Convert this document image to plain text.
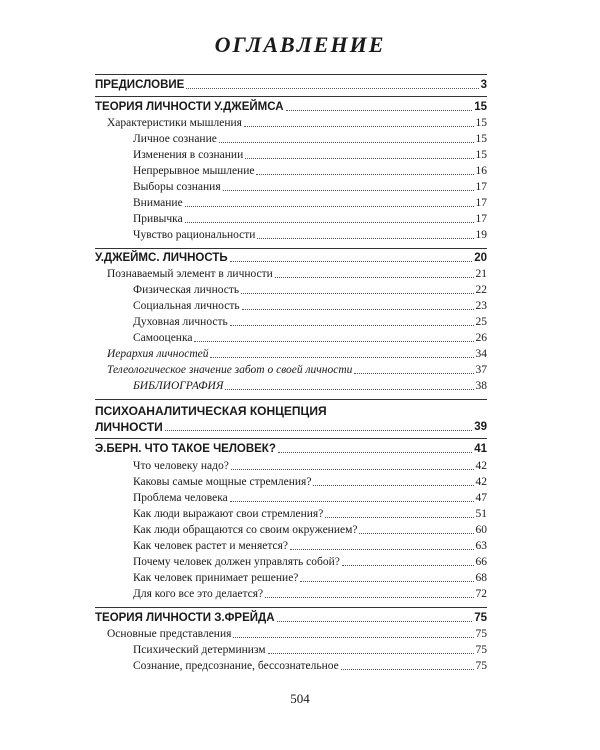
ОГЛАВЛЕНИЕ
ПРЕДИСЛОВИЕ	3
ТЕОРИЯ ЛИЧНОСТИ У.ДЖЕЙМСА	15
Характеристики мышления	15
Личное сознание	15
Изменения в сознании	15
Непрерывное мышление	16
Выборы сознания	17
Внимание	17
Привычка	17
Чувство рациональности	19
У.ДЖЕЙМС. ЛИЧНОСТЬ	20
Познаваемый элемент в личности	21
Физическая личность	22
Социальная личность	23
Духовная личность	25
Самооценка	26
Иерархия личностей	34
Телеологическое значение забот о своей личности	37
БИБЛИОГРАФИЯ	38
ПСИХОАНАЛИТИЧЕСКАЯ КОНЦЕПЦИЯ
ЛИЧНОСТИ	39
Э.БЕРН. ЧТО ТАКОЕ ЧЕЛОВЕК?	41
Что человеку надо?	42
Каковы самые мощные стремления?	42
Проблема человека	47
Как люди выражают свои стремления?	51
Как люди обращаются со своим окружением?	60
Как человек растет и меняется?	63
Почему человек должен управлять собой?	66
Как человек принимает решение?	68
Для кого все это делается?	72
ТЕОРИЯ ЛИЧНОСТИ З.ФРЕЙДА	75
Основные представления	75
Психический детерминизм	75
Сознание, предсознание, бессознательное	75
504
